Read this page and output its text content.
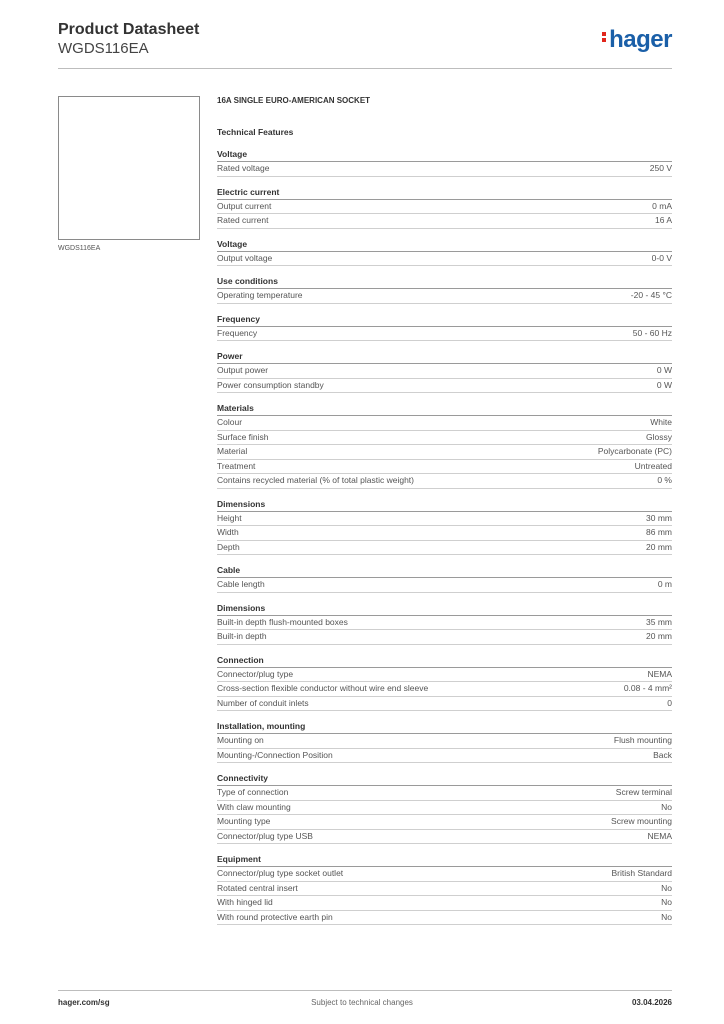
Product Datasheet
WGDS116EA	hager
WGDS116EA
16A SINGLE EURO-AMERICAN SOCKET
Technical Features
Voltage
Rated voltage	250 V
Electric current
Output current	0 mA
Rated current	16 A
Voltage
Output voltage	0-0 V
Use conditions
Operating temperature	-20 - 45 °C
Frequency
Frequency	50 - 60 Hz
Power
Output power	0 W
Power consumption standby	0 W
Materials
Colour	White
Surface finish	Glossy
Material	Polycarbonate (PC)
Treatment	Untreated
Contains recycled material (% of total plastic weight)	0 %
Dimensions
Height	30 mm
Width	86 mm
Depth	20 mm
Cable
Cable length	0 m
Dimensions
Built-in depth flush-mounted boxes	35 mm
Built-in depth	20 mm
Connection
Connector/plug type	NEMA
Cross-section flexible conductor without wire end sleeve	0.08 - 4 mm²
Number of conduit inlets	0
Installation, mounting
Mounting on	Flush mounting
Mounting-/Connection Position	Back
Connectivity
Type of connection	Screw terminal
With claw mounting	No
Mounting type	Screw mounting
Connector/plug type USB	NEMA
Equipment
Connector/plug type socket outlet	British Standard
Rotated central insert	No
With hinged lid	No
With round protective earth pin	No
hager.com/sg	Subject to technical changes	03.04.2026
